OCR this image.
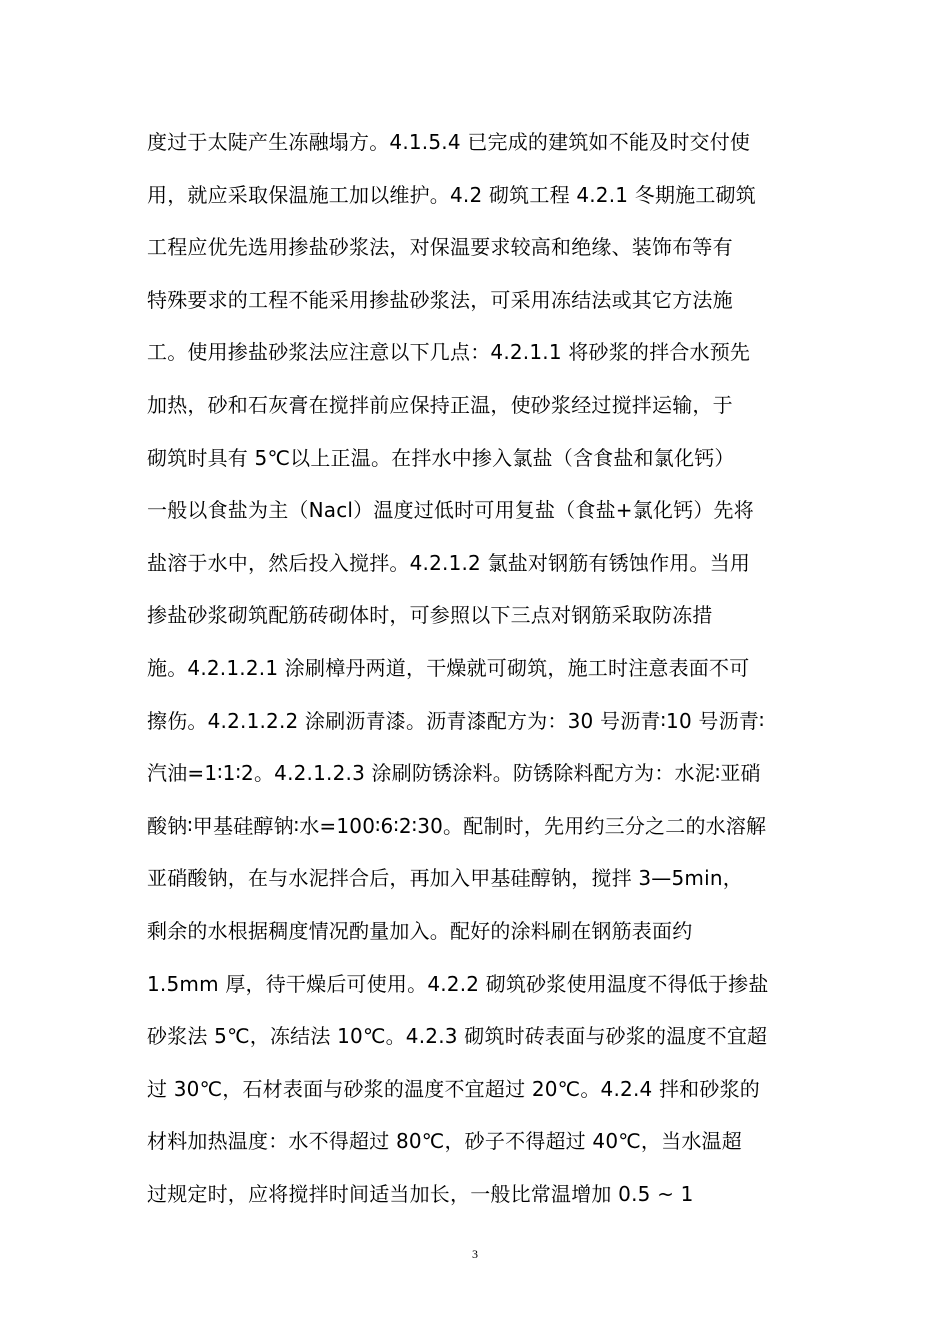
度过于太陡产生冻融塌方。4.1.5.4 已完成的建筑如不能及时交付使
用，就应采取保温施工加以维护。4.2 砌筑工程 4.2.1 冬期施工砌筑
工程应优先选用掺盐砂浆法，对保温要求较高和绝缘、装饰布等有
特殊要求的工程不能采用掺盐砂浆法，可采用冻结法或其它方法施
工。使用掺盐砂浆法应注意以下几点：4.2.1.1 将砂浆的拌合水预先
加热，砂和石灰膏在搅拌前应保持正温，使砂浆经过搅拌运输，于
砌筑时具有 5℃以上正温。在拌水中掺入氯盐（含食盐和氯化钙）
一般以食盐为主（Nacl）温度过低时可用复盐（食盐+氯化钙）先将
盐溶于水中，然后投入搅拌。4.2.1.2 氯盐对钢筋有锈蚀作用。当用
掺盐砂浆砌筑配筋砖砌体时，可参照以下三点对钢筋采取防冻措
施。4.2.1.2.1 涂刷樟丹两道，干燥就可砌筑，施工时注意表面不可
擦伤。4.2.1.2.2 涂刷沥青漆。沥青漆配方为：30 号沥青∶10 号沥青∶
汽油=1∶1∶2。4.2.1.2.3 涂刷防锈涂料。防锈除料配方为：水泥∶亚硝
酸钠∶甲基硅醇钠∶水=100∶6∶2∶30。配制时，先用约三分之二的水溶解
亚硝酸钠，在与水泥拌合后，再加入甲基硅醇钠，搅拌 3—5min，
剩余的水根据稠度情况酌量加入。配好的涂料刷在钢筋表面约
1.5mm 厚，待干燥后可使用。4.2.2 砌筑砂浆使用温度不得低于掺盐
砂浆法 5℃，冻结法 10℃。4.2.3 砌筑时砖表面与砂浆的温度不宜超
过 30℃，石材表面与砂浆的温度不宜超过 20℃。4.2.4 拌和砂浆的
材料加热温度：水不得超过 80℃，砂子不得超过 40℃，当水温超
过规定时，应将搅拌时间适当加长，一般比常温增加 0.5 ~ 1
3
